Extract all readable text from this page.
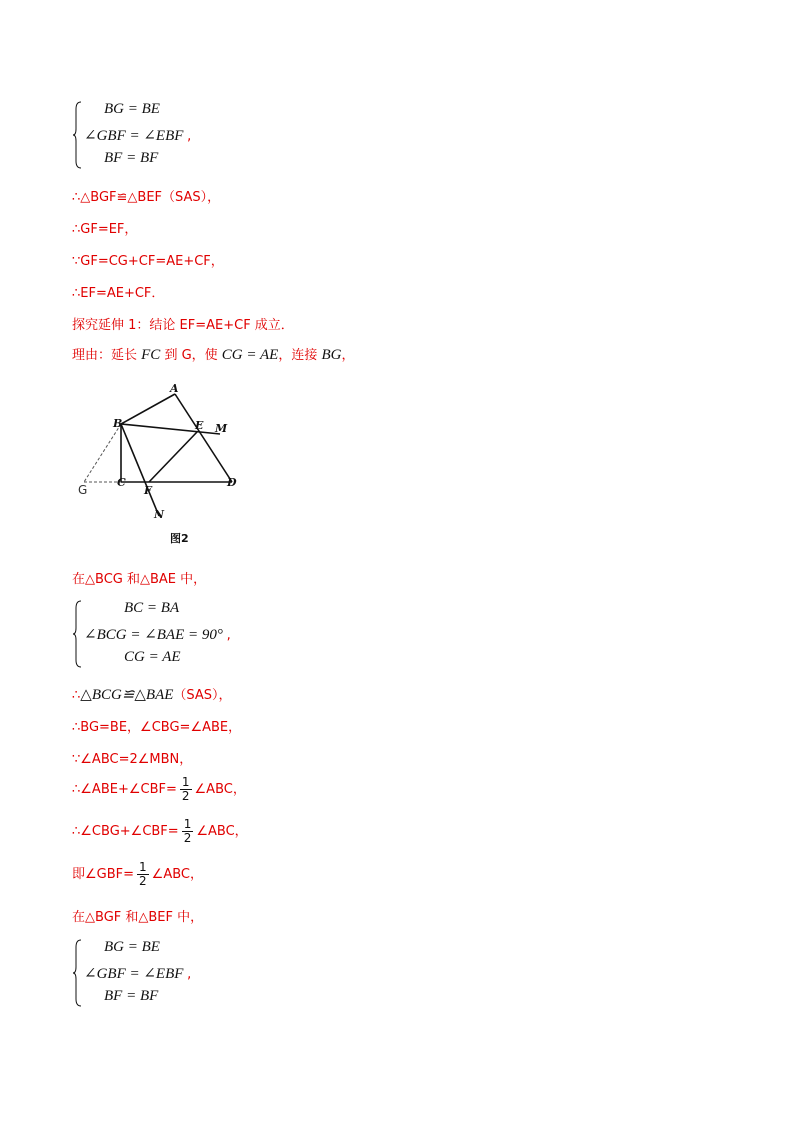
BG = BE
∠GBF = ∠EBF ,
BF = BF
∴△BGF≌△BEF（SAS），
∴GF=EF，
∵GF=CG+CF=AE+CF，
∴EF=AE+CF．
探究延伸 1：结论 EF=AE+CF 成立．
理由：延长 FC 到 G，使 CG = AE，连接 BG，
A
B	E M
C
F
D
N
G
图2
在△BCG 和△BAE 中，
BC = BA
∠BCG = ∠BAE = 90° ,
CG = AE
∴△BCG≌△BAE（SAS），
∴BG=BE，∠CBG=∠ABE，
∵∠ABC=2∠MBN，
∴∠ABE+∠CBF= $\frac{1}{2}$ ∠ABC，
∴∠CBG+∠CBF= $\frac{1}{2}$ ∠ABC，
即∠GBF= $\frac{1}{2}$ ∠ABC，
在△BGF 和△BEF 中，
BG = BE
∠GBF = ∠EBF ,
BF = BF
